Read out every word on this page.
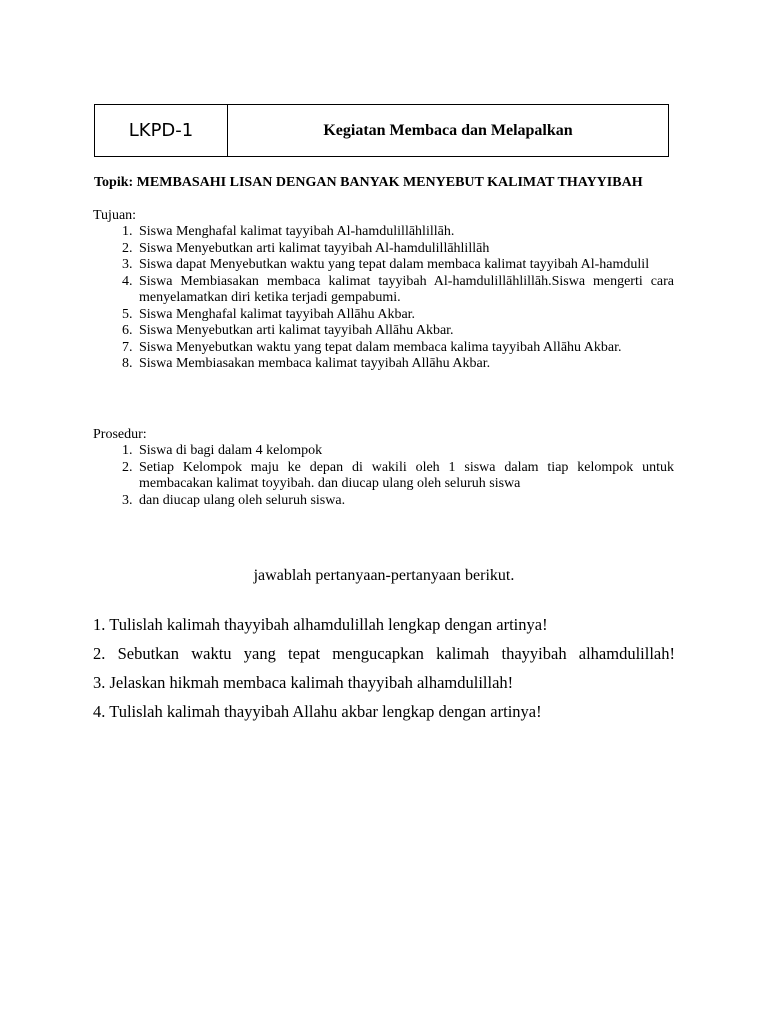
LKPD-1	Kegiatan Membaca dan Melapalkan
Topik: MEMBASAHI LISAN DENGAN BANYAK MENYEBUT KALIMAT THAYYIBAH
Tujuan:
1. Siswa Menghafal kalimat tayyibah Al-hamdulillāhlillāh.
2. Siswa Menyebutkan arti kalimat tayyibah Al-hamdulillāhlillāh
3. Siswa dapat Menyebutkan waktu yang tepat dalam membaca kalimat tayyibah Al-hamdulil
4. Siswa Membiasakan membaca kalimat tayyibah Al-hamdulillāhlillāh.Siswa mengerti cara menyelamatkan diri ketika terjadi gempabumi.
5. Siswa Menghafal kalimat tayyibah Allāhu Akbar.
6. Siswa Menyebutkan arti kalimat tayyibah Allāhu Akbar.
7. Siswa Menyebutkan waktu yang tepat dalam membaca kalima tayyibah Allāhu Akbar.
8. Siswa Membiasakan membaca kalimat tayyibah Allāhu Akbar.
Prosedur:
1. Siswa di bagi dalam 4 kelompok
2. Setiap Kelompok maju ke depan di wakili oleh 1 siswa dalam tiap kelompok untuk membacakan kalimat toyyibah. dan diucap ulang oleh seluruh siswa
3. dan diucap ulang oleh seluruh siswa.
jawablah pertanyaan-pertanyaan berikut.
1. Tulislah kalimah thayyibah alhamdulillah lengkap dengan artinya!
2. Sebutkan waktu yang tepat mengucapkan kalimah thayyibah alhamdulillah!
3. Jelaskan hikmah membaca kalimah thayyibah alhamdulillah!
4. Tulislah kalimah thayyibah Allahu akbar lengkap dengan artinya!
